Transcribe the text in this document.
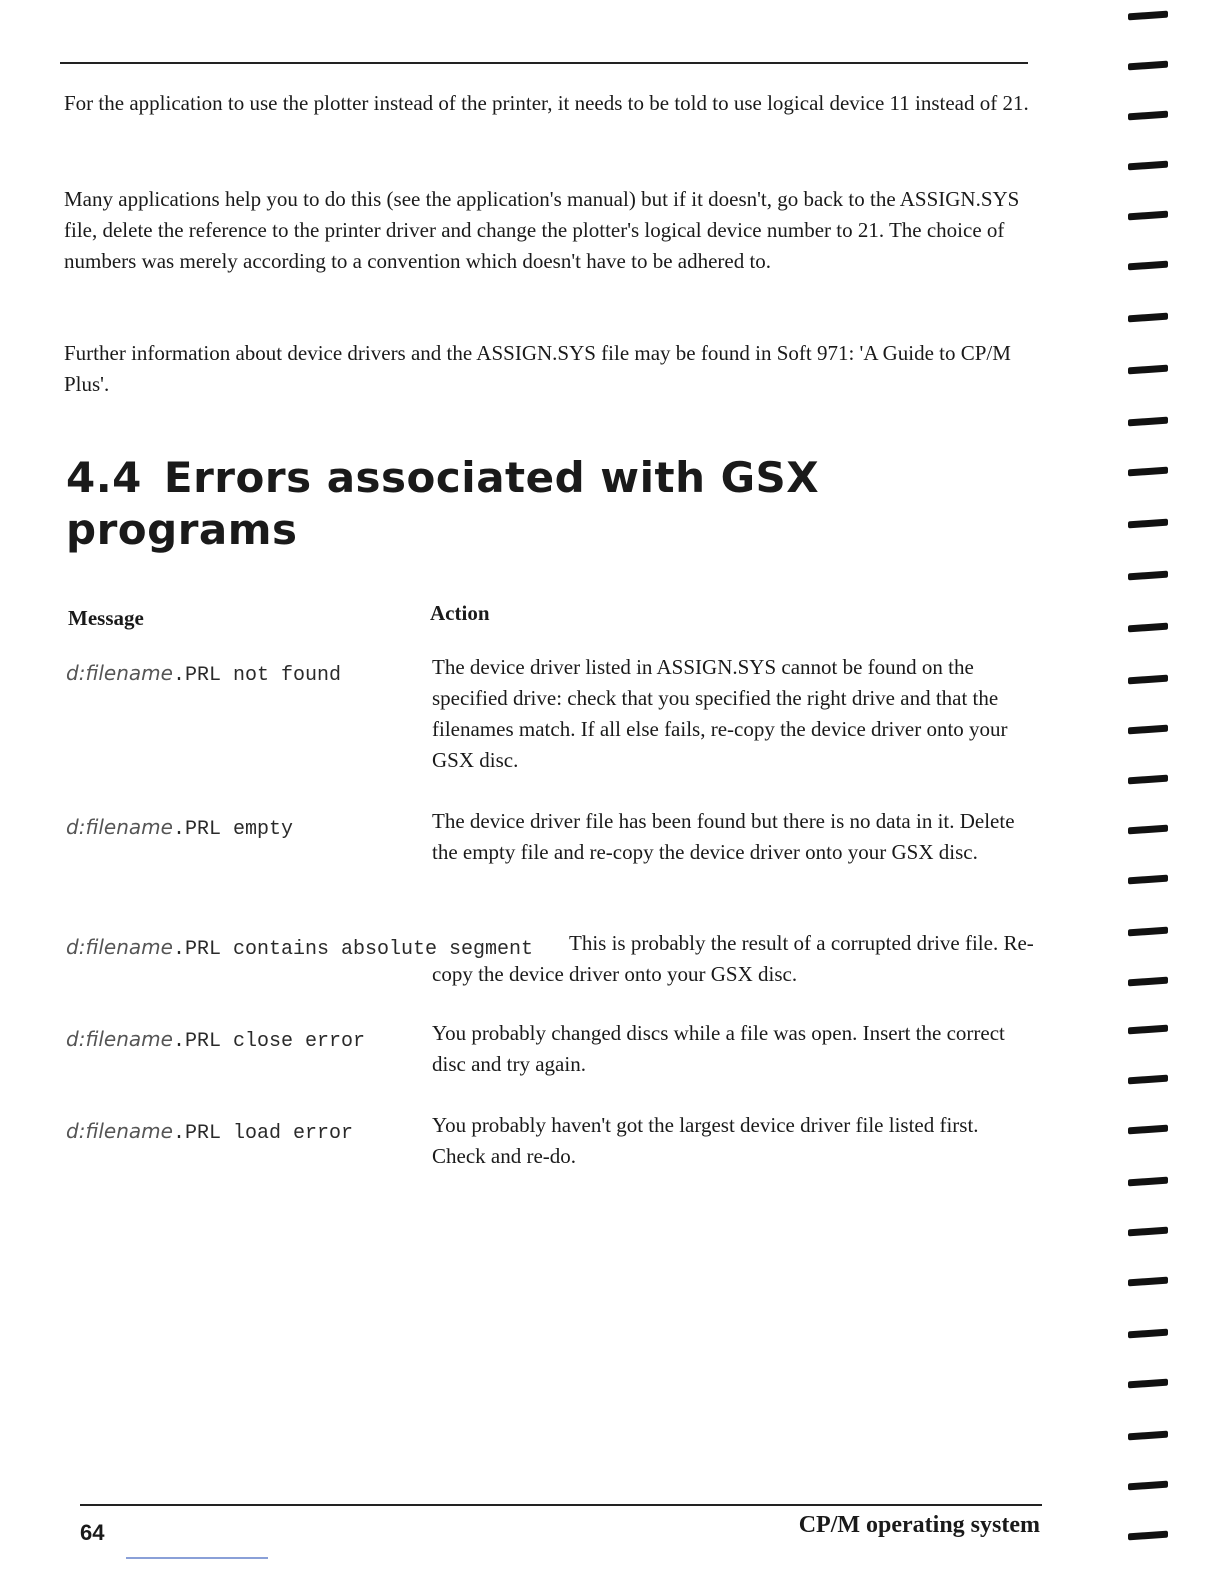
For the application to use the plotter instead of the printer, it needs to be told to use logical device 11 instead of 21.

Many applications help you to do this (see the application's manual) but if it doesn't, go back to the ASSIGN.SYS file, delete the reference to the printer driver and change the plotter's logical device number to 21. The choice of numbers was merely according to a convention which doesn't have to be adhered to.

Further information about device drivers and the ASSIGN.SYS file may be found in Soft 971: 'A Guide to CP/M Plus'.

4.4 Errors associated with GSX
programs
Message	Action
d:filename.PRL not found	The device driver listed in ASSIGN.SYS cannot be found on the specified drive: check that you specified the right drive and that the filenames match. If all else fails, re-copy the device driver onto your GSX disc.

d:filename.PRL empty	The device driver file has been found but there is no data in it. Delete the empty file and re-copy the device driver onto your GSX disc.

d:filename.PRL contains absolute segment	This is probably the result of a corrupted drive file. Re-copy the device driver onto your GSX disc.

d:filename.PRL close error	You probably changed discs while a file was open. Insert the correct disc and try again.

d:filename.PRL load error	You probably haven't got the largest device driver file listed first. Check and re-do.

64	CP/M operating system
